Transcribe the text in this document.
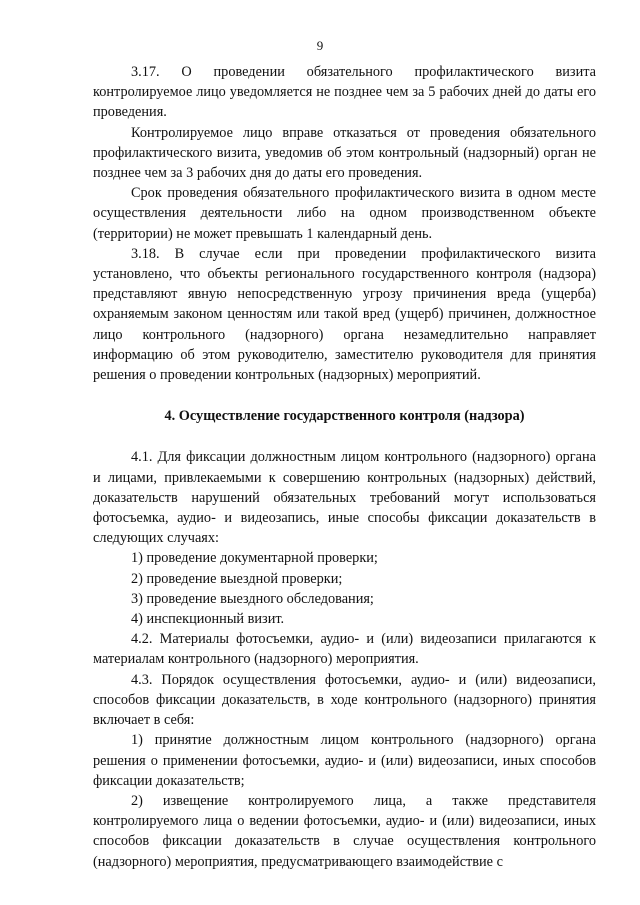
9

3.17. О проведении обязательного профилактического визита контролируемое лицо уведомляется не позднее чем за 5 рабочих дней до даты его проведения.

Контролируемое лицо вправе отказаться от проведения обязательного профилактического визита, уведомив об этом контрольный (надзорный) орган не позднее чем за 3 рабочих дня до даты его проведения.

Срок проведения обязательного профилактического визита в одном месте осуществления деятельности либо на одном производственном объекте (территории) не может превышать 1 календарный день.

3.18. В случае если при проведении профилактического визита установлено, что объекты регионального государственного контроля (надзора) представляют явную непосредственную угрозу причинения вреда (ущерба) охраняемым законом ценностям или такой вред (ущерб) причинен, должностное лицо контрольного (надзорного) органа незамедлительно направляет информацию об этом руководителю, заместителю руководителя для принятия решения о проведении контрольных (надзорных) мероприятий.

4. Осуществление государственного контроля (надзора)

4.1. Для фиксации должностным лицом контрольного (надзорного) органа и лицами, привлекаемыми к совершению контрольных (надзорных) действий, доказательств нарушений обязательных требований могут использоваться фотосъемка, аудио- и видеозапись, иные способы фиксации доказательств в следующих случаях:

1) проведение документарной проверки;

2) проведение выездной проверки;

3) проведение выездного обследования;

4) инспекционный визит.

4.2. Материалы фотосъемки, аудио- и (или) видеозаписи прилагаются к материалам контрольного (надзорного) мероприятия.

4.3. Порядок осуществления фотосъемки, аудио- и (или) видеозаписи, способов фиксации доказательств, в ходе контрольного (надзорного) принятия включает в себя:

1) принятие должностным лицом контрольного (надзорного) органа решения о применении фотосъемки, аудио- и (или) видеозаписи, иных способов фиксации доказательств;

2) извещение контролируемого лица, а также представителя контролируемого лица о ведении фотосъемки, аудио- и (или) видеозаписи, иных способов фиксации доказательств в случае осуществления контрольного (надзорного) мероприятия, предусматривающего взаимодействие с
